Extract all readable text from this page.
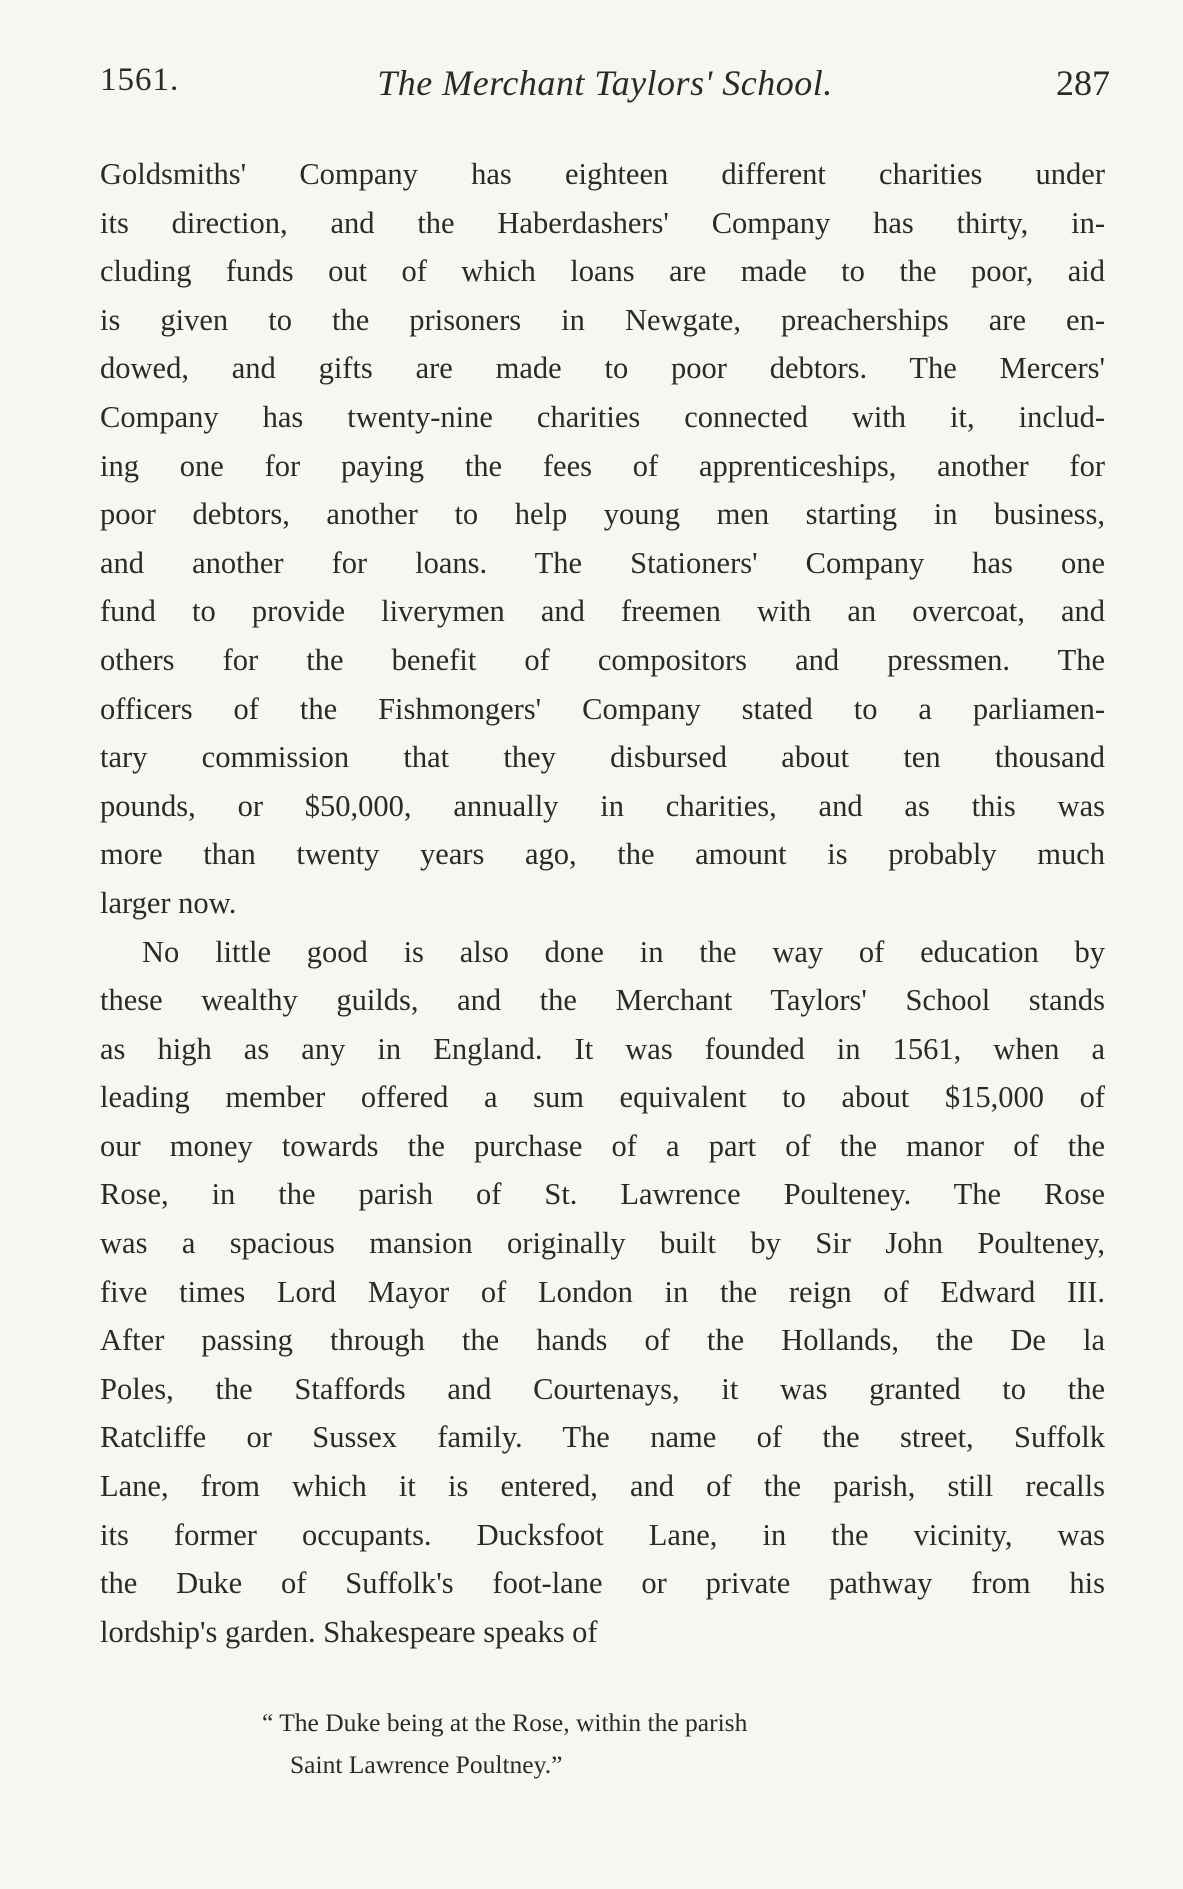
1561.	The Merchant Taylors' School.	287
Goldsmiths' Company has eighteen different charities under
its direction, and the Haberdashers' Company has thirty, in-
cluding funds out of which loans are made to the poor, aid
is given to the prisoners in Newgate, preacherships are en-
dowed, and gifts are made to poor debtors. The Mercers'
Company has twenty-nine charities connected with it, includ-
ing one for paying the fees of apprenticeships, another for
poor debtors, another to help young men starting in business,
and another for loans. The Stationers' Company has one
fund to provide liverymen and freemen with an overcoat, and
others for the benefit of compositors and pressmen. The
officers of the Fishmongers' Company stated to a parliamen-
tary commission that they disbursed about ten thousand
pounds, or $50,000, annually in charities, and as this was
more than twenty years ago, the amount is probably much
larger now.
No little good is also done in the way of education by
these wealthy guilds, and the Merchant Taylors' School stands
as high as any in England. It was founded in 1561, when a
leading member offered a sum equivalent to about $15,000 of
our money towards the purchase of a part of the manor of the
Rose, in the parish of St. Lawrence Poulteney. The Rose
was a spacious mansion originally built by Sir John Poulteney,
five times Lord Mayor of London in the reign of Edward III.
After passing through the hands of the Hollands, the De la
Poles, the Staffords and Courtenays, it was granted to the
Ratcliffe or Sussex family. The name of the street, Suffolk
Lane, from which it is entered, and of the parish, still recalls
its former occupants. Ducksfoot Lane, in the vicinity, was
the Duke of Suffolk's foot-lane or private pathway from his
lordship's garden. Shakespeare speaks of
“ The Duke being at the Rose, within the parish
Saint Lawrence Poultney.”
